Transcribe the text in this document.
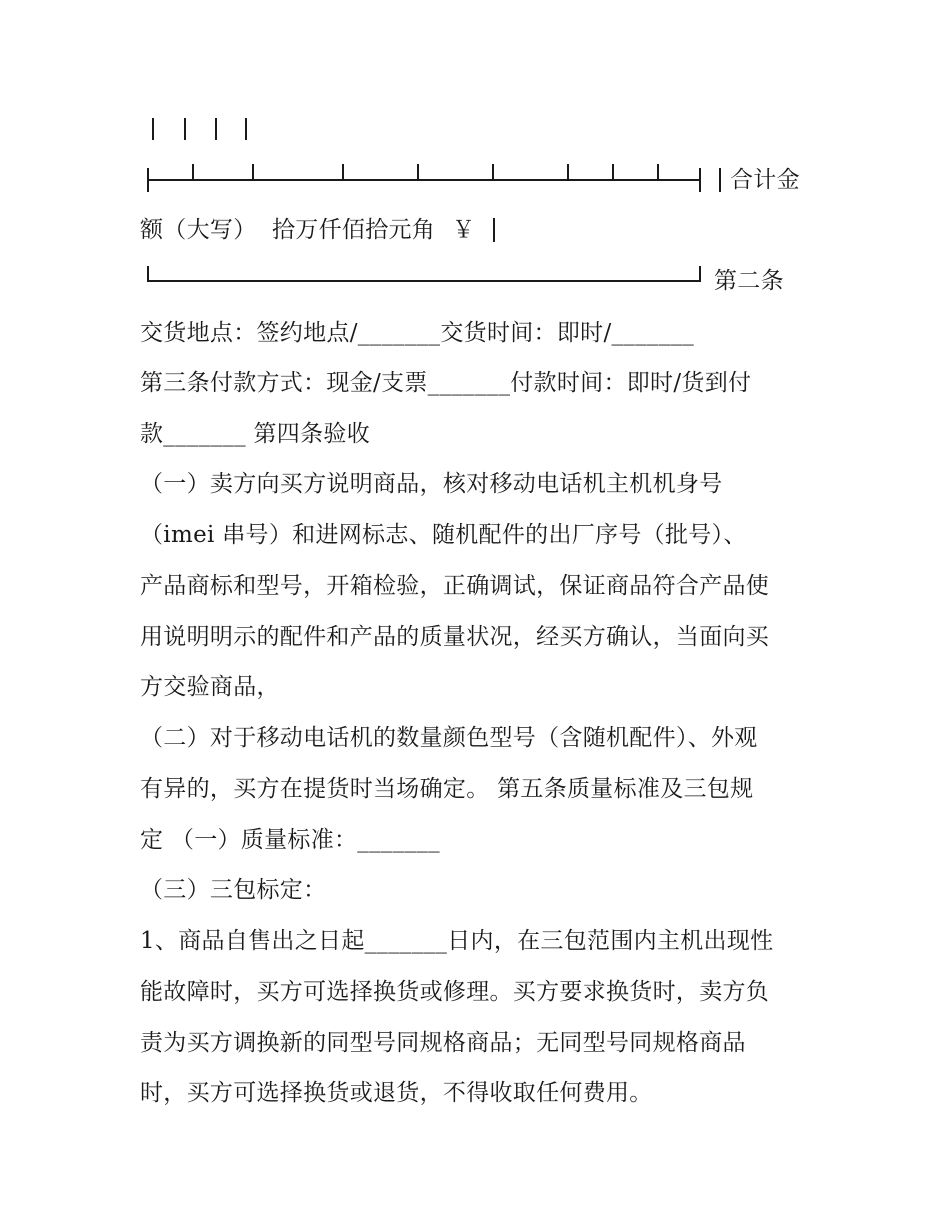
合计金
额（大写） 拾万仟佰拾元角 ￥
第二条
交货地点：签约地点/_______交货时间：即时/_______
第三条付款方式：现金/支票_______付款时间：即时/货到付
款_______ 第四条验收
（一）卖方向买方说明商品，核对移动电话机主机机身号
（imei 串号）和进网标志、随机配件的出厂序号（批号）、
产品商标和型号，开箱检验，正确调试，保证商品符合产品使
用说明明示的配件和产品的质量状况，经买方确认，当面向买
方交验商品，
（二）对于移动电话机的数量颜色型号（含随机配件）、外观
有异的，买方在提货时当场确定。 第五条质量标准及三包规
定 （一）质量标准：_______
（三）三包标定：
1、商品自售出之日起_______日内，在三包范围内主机出现性
能故障时，买方可选择换货或修理。买方要求换货时，卖方负
责为买方调换新的同型号同规格商品；无同型号同规格商品
时，买方可选择换货或退货，不得收取任何费用。
